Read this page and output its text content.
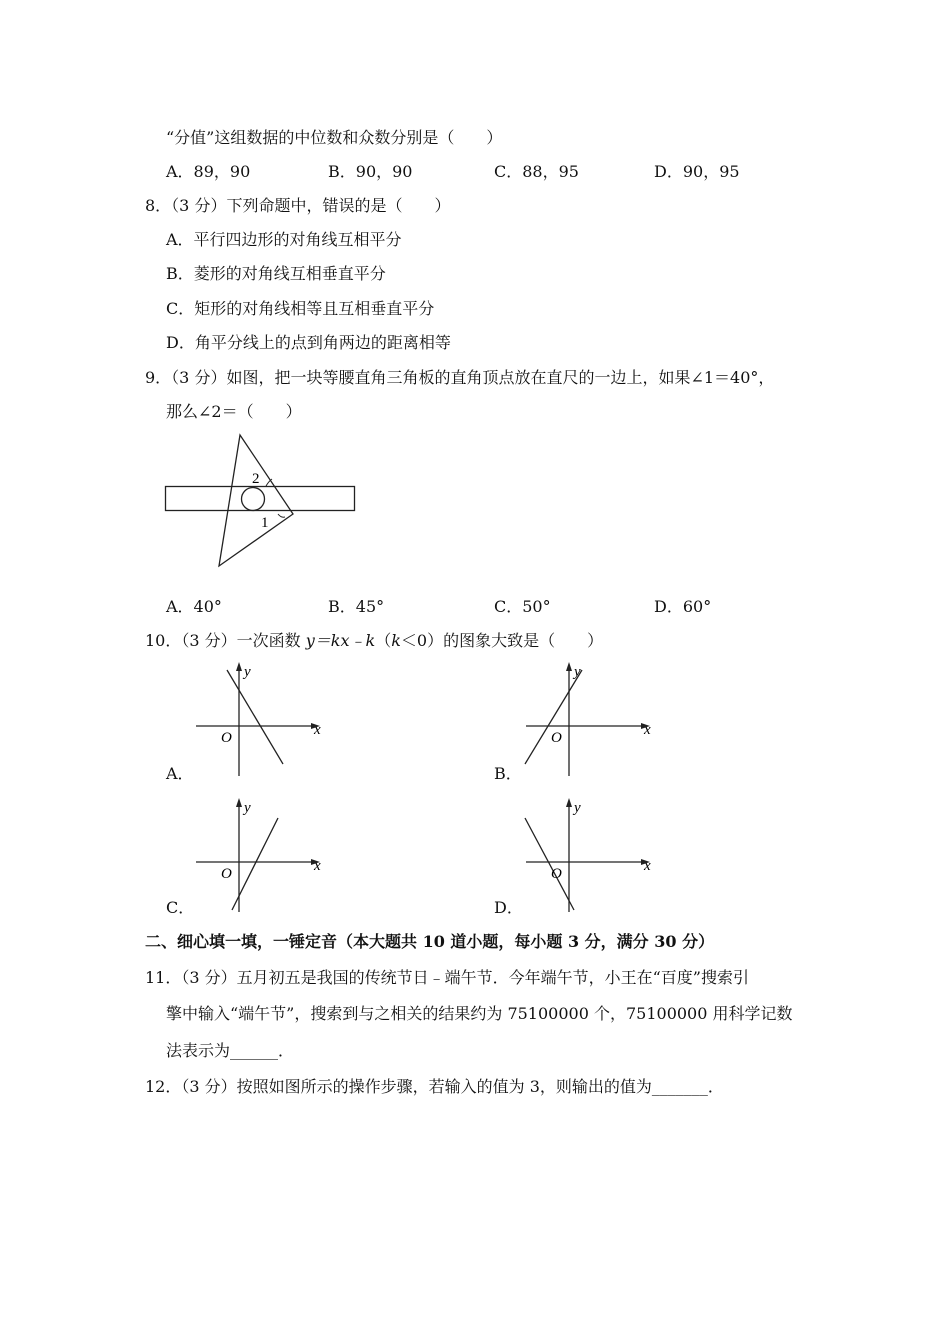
“分值”这组数据的中位数和众数分别是（　　）
A．89，90	B．90，90	C．88，95	D．90，95
8．（3 分）下列命题中，错误的是（　　）
A．平行四边形的对角线互相平分
B．菱形的对角线互相垂直平分
C．矩形的对角线相等且互相垂直平分
D．角平分线上的点到角两边的距离相等
9．（3 分）如图，把一块等腰直角三角板的直角顶点放在直尺的一边上，如果∠1＝40°，
那么∠2＝（　　）
2
1
A．40°	B．45°	C．50°	D．60°
10．（3 分）一次函数 y＝kx﹣k（k＜0）的图象大致是（　　）
y
x
O
A．
y
x
O
B．
y
x
O
C．
y
x
O
D．
二、细心填一填，一锤定音（本大题共 10 道小题，每小题 3 分，满分 30 分）
11．（3 分）五月初五是我国的传统节日﹣端午节．今年端午节，小王在“百度”搜索引
擎中输入“端午节”，搜索到与之相关的结果约为 75100000 个，75100000 用科学记数
法表示为______．
12．（3 分）按照如图所示的操作步骤，若输入的值为 3，则输出的值为_______．
